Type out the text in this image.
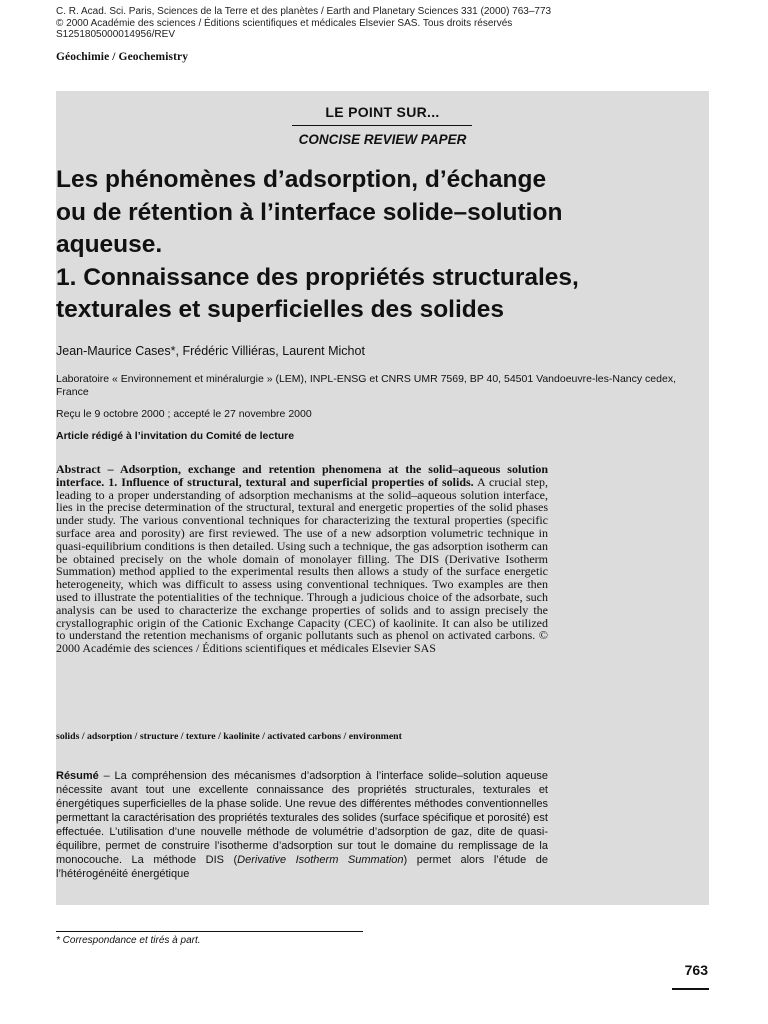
C. R. Acad. Sci. Paris, Sciences de la Terre et des planètes / Earth and Planetary Sciences 331 (2000) 763–773
© 2000 Académie des sciences / Éditions scientifiques et médicales Elsevier SAS. Tous droits réservés
S1251805000014956/REV
Géochimie / Geochemistry
LE POINT SUR...
CONCISE REVIEW PAPER
Les phénomènes d’adsorption, d’échange
ou de rétention à l’interface solide–solution
aqueuse.
1. Connaissance des propriétés structurales,
texturales et superficielles des solides
Jean-Maurice Cases*, Frédéric Villiéras, Laurent Michot
Laboratoire « Environnement et minéralurgie » (LEM), INPL-ENSG et CNRS UMR 7569, BP 40, 54501 Vandoeuvre-les-Nancy cedex, France
Reçu le 9 octobre 2000 ; accepté le 27 novembre 2000
Article rédigé à l’invitation du Comité de lecture

Abstract – Adsorption, exchange and retention phenomena at the solid–aqueous solution interface. 1. Influence of structural, textural and superficial properties of solids. A crucial step, leading to a proper understanding of adsorption mechanisms at the solid–aqueous solution interface, lies in the precise determination of the structural, textural and energetic properties of the solid phases under study. The various conventional techniques for characterizing the textural properties (specific surface area and porosity) are first reviewed. The use of a new adsorption volumetric technique in quasi-equilibrium conditions is then detailed. Using such a technique, the gas adsorption isotherm can be obtained precisely on the whole domain of monolayer filling. The DIS (Derivative Isotherm Summation) method applied to the experimental results then allows a study of the surface energetic heterogeneity, which was difficult to assess using conventional techniques. Two examples are then used to illustrate the potentialities of the technique. Through a judicious choice of the adsorbate, such analysis can be used to characterize the exchange properties of solids and to assign precisely the crystallographic origin of the Cationic Exchange Capacity (CEC) of kaolinite. It can also be utilized to understand the retention mechanisms of organic pollutants such as phenol on activated carbons. © 2000 Académie des sciences / Éditions scientifiques et médicales Elsevier SAS

solids / adsorption / structure / texture / kaolinite / activated carbons / environment

Résumé – La compréhension des mécanismes d’adsorption à l’interface solide–solution aqueuse nécessite avant tout une excellente connaissance des propriétés structurales, texturales et énergétiques superficielles de la phase solide. Une revue des différentes méthodes conventionnelles permettant la caractérisation des propriétés texturales des solides (surface spécifique et porosité) est effectuée. L’utilisation d’une nouvelle méthode de volumétrie d’adsorption de gaz, dite de quasi-équilibre, permet de construire l’isotherme d’adsorption sur tout le domaine du remplissage de la monocouche. La méthode DIS (Derivative Isotherm Summation) permet alors l’étude de l’hétérogénéité énergétique

* Correspondance et tirés à part.
763
